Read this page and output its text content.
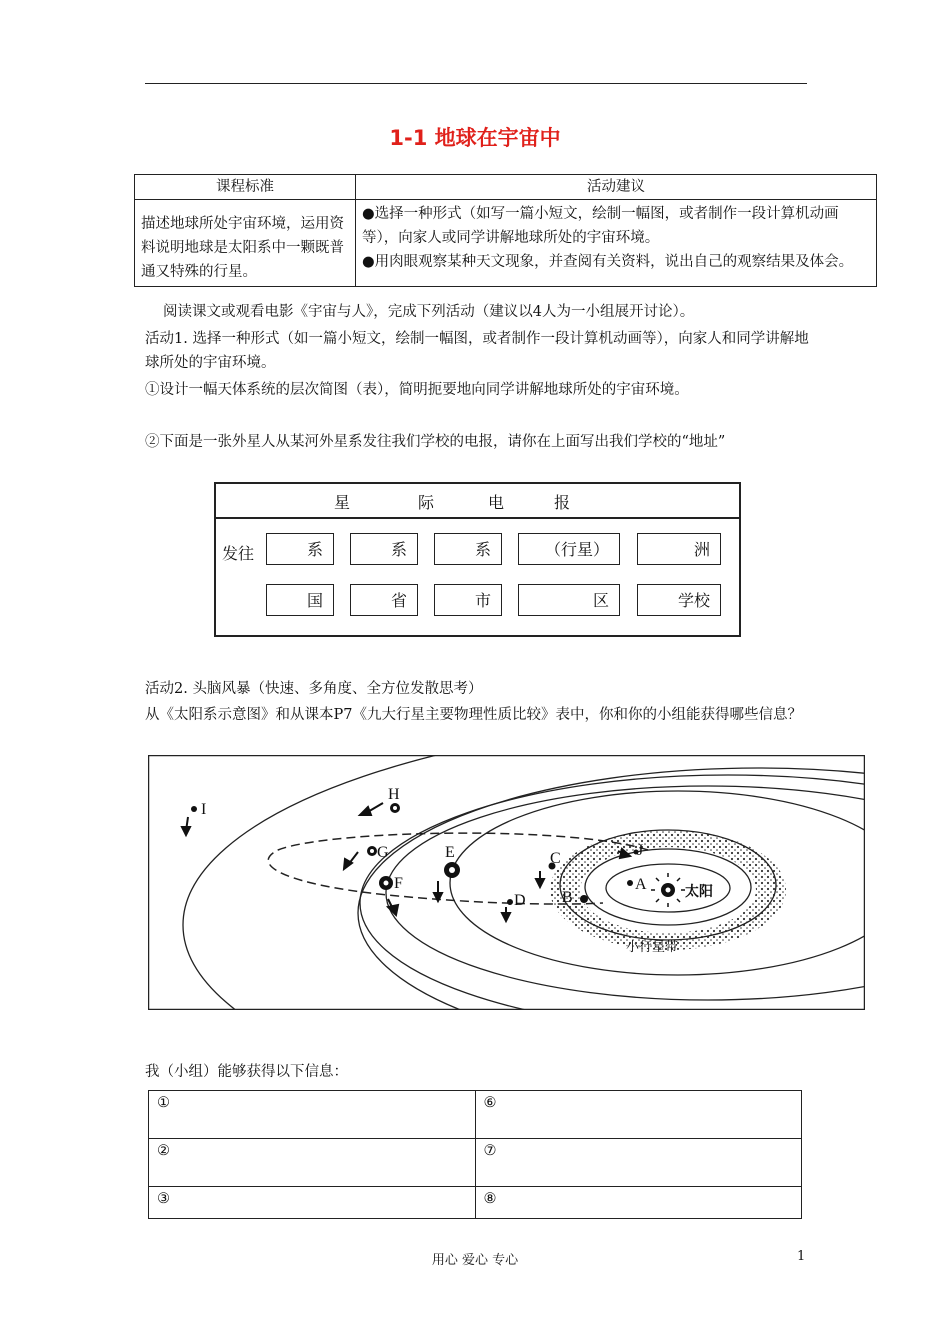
1-1 地球在宇宙中
课程标准	活动建议
描述地球所处宇宙环境，运用资料说明地球是太阳系中一颗既普通又特殊的行星。	●选择一种形式（如写一篇小短文，绘制一幅图，或者制作一段计算机动画等），向家人或同学讲解地球所处的宇宙环境。
●用肉眼观察某种天文现象，并查阅有关资料，说出自己的观察结果及体会。
阅读课文或观看电影《宇宙与人》，完成下列活动（建议以4人为一小组展开讨论）。
活动1. 选择一种形式（如一篇小短文，绘制一幅图，或者制作一段计算机动画等），向家人和同学讲解地球所处的宇宙环境。
①设计一幅天体系统的层次简图（表），简明扼要地向同学讲解地球所处的宇宙环境。
②下面是一张外星人从某河外星系发往我们学校的电报，请你在上面写出我们学校的“地址”
星	际	电	报
发往	系	系	系	（行星）	洲
国	省	市	区	学校
活动2. 头脑风暴（快速、多角度、全方位发散思考）
从《太阳系示意图》和从课本P7《九大行星主要物理性质比较》表中，你和你的小组能获得哪些信息？
A
B
C
D
E
F
G
H
I
J
太阳
小行星带
我（小组）能够获得以下信息：
①	⑥
②	⑦
③	⑧
用心 爱心 专心	1
